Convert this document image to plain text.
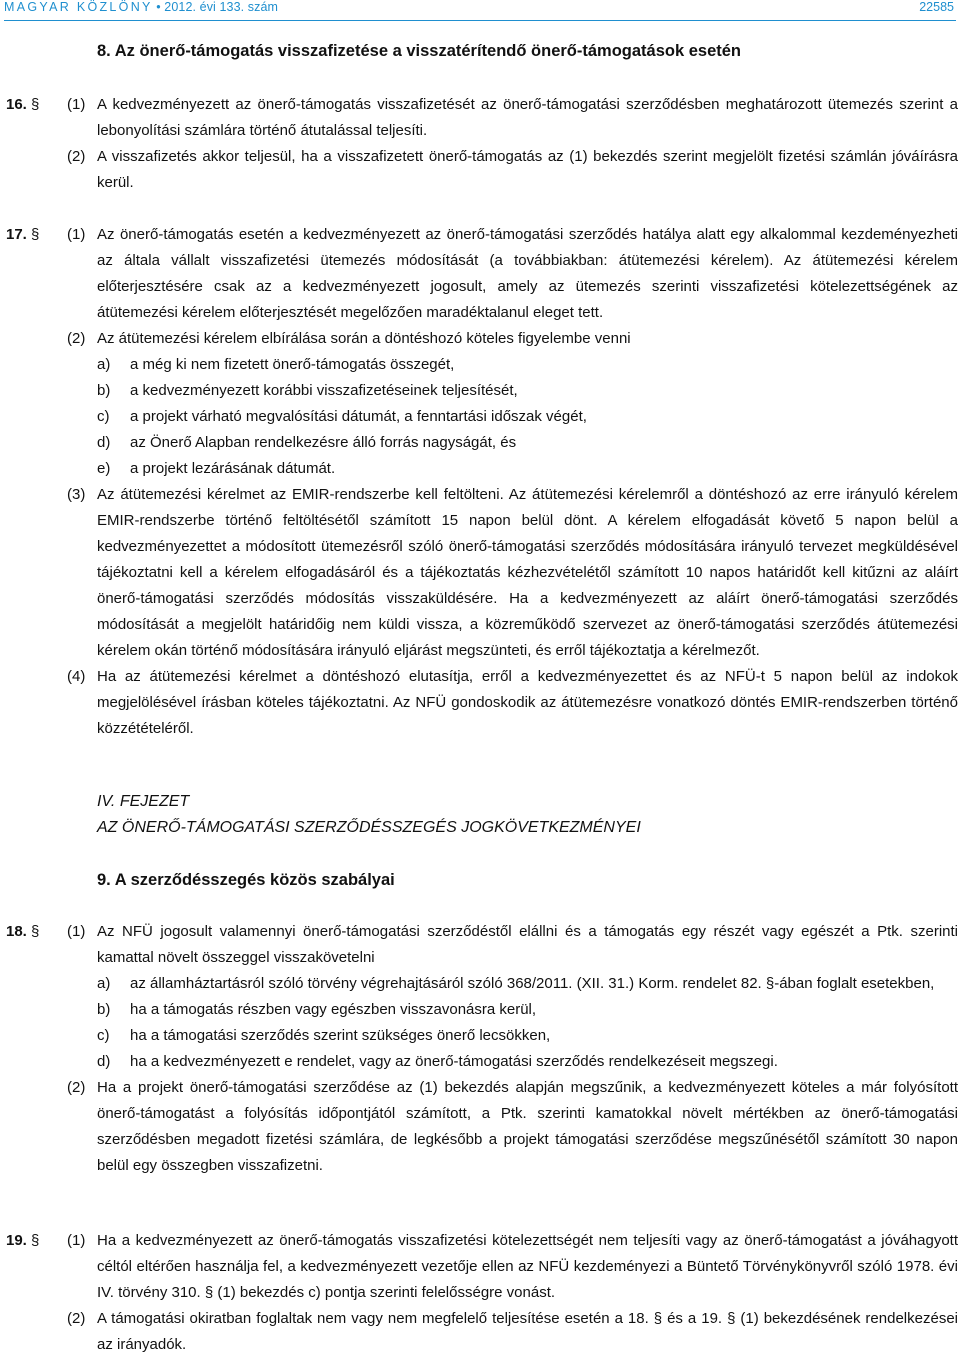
MAGYAR KÖZLÖNY • 2012. évi 133. szám	22585
8. Az önerő-támogatás visszafizetése a visszatérítendő önerő-támogatások esetén
16. §	(1) A kedvezményezett az önerő-támogatás visszafizetését az önerő-támogatási szerződésben meghatározott ütemezés szerint a lebonyolítási számlára történő átutalással teljesíti.
(2) A visszafizetés akkor teljesül, ha a visszafizetett önerő-támogatás az (1) bekezdés szerint megjelölt fizetési számlán jóváírásra kerül.
17. §	(1) Az önerő-támogatás esetén a kedvezményezett az önerő-támogatási szerződés hatálya alatt egy alkalommal kezdeményezheti az általa vállalt visszafizetési ütemezés módosítását (a továbbiakban: átütemezési kérelem). Az átütemezési kérelem előterjesztésére csak az a kedvezményezett jogosult, amely az ütemezés szerinti visszafizetési kötelezettségének az átütemezési kérelem előterjesztését megelőzően maradéktalanul eleget tett.
(2) Az átütemezési kérelem elbírálása során a döntéshozó köteles figyelembe venni
a) a még ki nem fizetett önerő-támogatás összegét,
b) a kedvezményezett korábbi visszafizetéseinek teljesítését,
c) a projekt várható megvalósítási dátumát, a fenntartási időszak végét,
d) az Önerő Alapban rendelkezésre álló forrás nagyságát, és
e) a projekt lezárásának dátumát.
(3) Az átütemezési kérelmet az EMIR-rendszerbe kell feltölteni. Az átütemezési kérelemről a döntéshozó az erre irányuló kérelem EMIR-rendszerbe történő feltöltésétől számított 15 napon belül dönt. A kérelem elfogadását követő 5 napon belül a kedvezményezettet a módosított ütemezésről szóló önerő-támogatási szerződés módosítására irányuló tervezet megküldésével tájékoztatni kell a kérelem elfogadásáról és a tájékoztatás kézhezvételétől számított 10 napos határidőt kell kitűzni az aláírt önerő-támogatási szerződés módosítás visszaküldésére. Ha a kedvezményezett az aláírt önerő-támogatási szerződés módosítását a megjelölt határidőig nem küldi vissza, a közreműködő szervezet az önerő-támogatási szerződés átütemezési kérelem okán történő módosítására irányuló eljárást megszünteti, és erről tájékoztatja a kérelmezőt.
(4) Ha az átütemezési kérelmet a döntéshozó elutasítja, erről a kedvezményezettet és az NFÜ-t 5 napon belül az indokok megjelölésével írásban köteles tájékoztatni. Az NFÜ gondoskodik az átütemezésre vonatkozó döntés EMIR-rendszerben történő közzétételéről.
IV. FEJEZET
AZ ÖNERŐ-TÁMOGATÁSI SZERZŐDÉSSZEGÉS JOGKÖVETKEZMÉNYEI
9. A szerződésszegés közös szabályai
18. §	(1) Az NFÜ jogosult valamennyi önerő-támogatási szerződéstől elállni és a támogatás egy részét vagy egészét a Ptk. szerinti kamattal növelt összeggel visszakövetelni
a) az államháztartásról szóló törvény végrehajtásáról szóló 368/2011. (XII. 31.) Korm. rendelet 82. §-ában foglalt esetekben,
b) ha a támogatás részben vagy egészben visszavonásra kerül,
c) ha a támogatási szerződés szerint szükséges önerő lecsökken,
d) ha a kedvezményezett e rendelet, vagy az önerő-támogatási szerződés rendelkezéseit megszegi.
(2) Ha a projekt önerő-támogatási szerződése az (1) bekezdés alapján megszűnik, a kedvezményezett köteles a már folyósított önerő-támogatást a folyósítás időpontjától számított, a Ptk. szerinti kamatokkal növelt mértékben az önerő-támogatási szerződésben megadott fizetési számlára, de legkésőbb a projekt támogatási szerződése megszűnésétől számított 30 napon belül egy összegben visszafizetni.
19. §	(1) Ha a kedvezményezett az önerő-támogatás visszafizetési kötelezettségét nem teljesíti vagy az önerő-támogatást a jóváhagyott céltól eltérően használja fel, a kedvezményezett vezetője ellen az NFÜ kezdeményezi a Büntető Törvénykönyvről szóló 1978. évi IV. törvény 310. § (1) bekezdés c) pontja szerinti felelősségre vonást.
(2) A támogatási okiratban foglaltak nem vagy nem megfelelő teljesítése esetén a 18. § és a 19. § (1) bekezdésének rendelkezései az irányadók.
